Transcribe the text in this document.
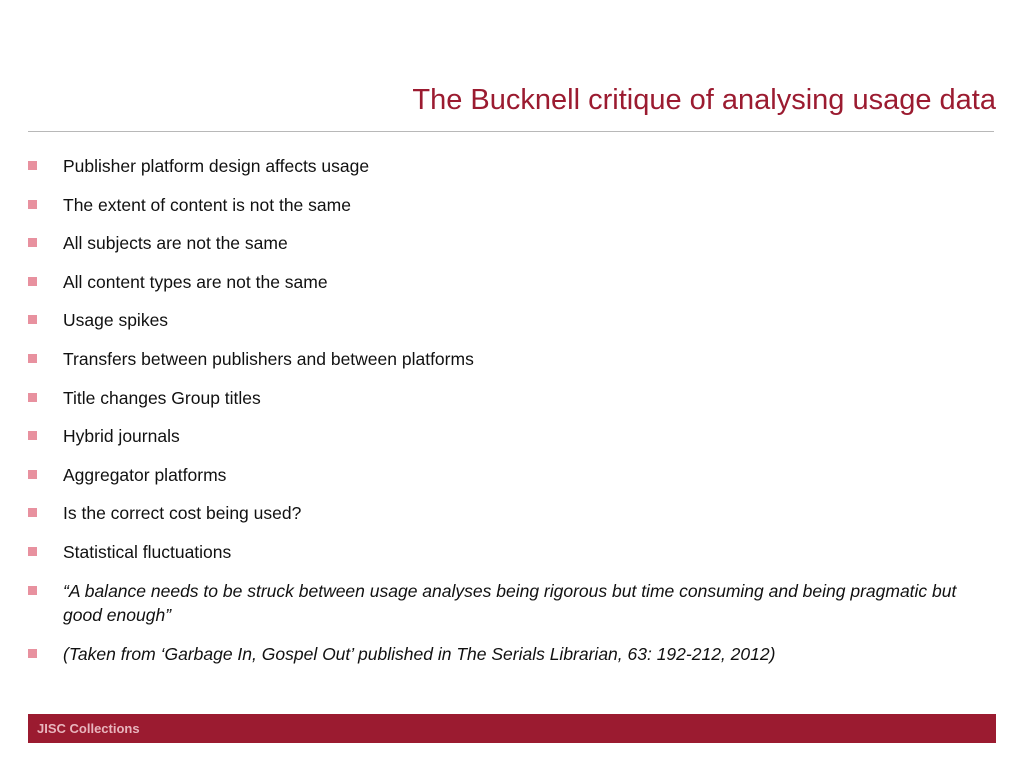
The Bucknell critique of analysing usage data
Publisher platform design affects usage
The extent of content is not the same
All subjects are not the same
All content types are not the same
Usage spikes
Transfers between publishers and between platforms
Title changes Group titles
Hybrid journals
Aggregator platforms
Is the correct cost being used?
Statistical fluctuations
“A balance needs to be struck between usage analyses being rigorous but time consuming and being pragmatic but good enough”
(Taken from ‘Garbage In, Gospel Out’ published in The Serials Librarian, 63: 192-212, 2012)
JISC Collections
